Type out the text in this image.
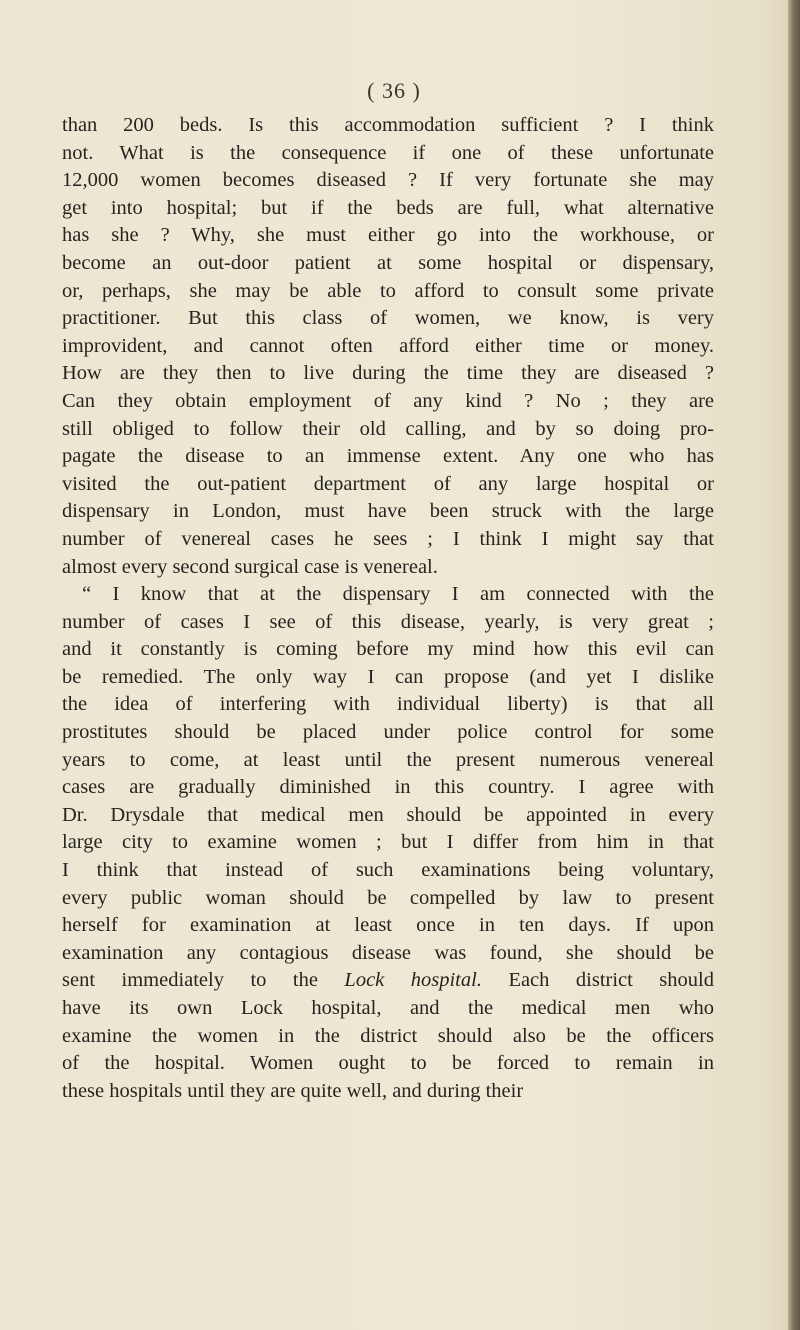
( 36 )
than 200 beds. Is this accommodation sufficient ? I think
not. What is the consequence if one of these unfortunate
12,000 women becomes diseased ? If very fortunate she may
get into hospital; but if the beds are full, what alternative
has she ? Why, she must either go into the workhouse, or
become an out-door patient at some hospital or dispensary,
or, perhaps, she may be able to afford to consult some private
practitioner. But this class of women, we know, is very
improvident, and cannot often afford either time or money.
How are they then to live during the time they are diseased ?
Can they obtain employment of any kind ? No ; they are
still obliged to follow their old calling, and by so doing pro-
pagate the disease to an immense extent. Any one who has
visited the out-patient department of any large hospital or
dispensary in London, must have been struck with the large
number of venereal cases he sees ; I think I might say that
almost every second surgical case is venereal.
“ I know that at the dispensary I am connected with the
number of cases I see of this disease, yearly, is very great ;
and it constantly is coming before my mind how this evil can
be remedied. The only way I can propose (and yet I dislike
the idea of interfering with individual liberty) is that all
prostitutes should be placed under police control for some
years to come, at least until the present numerous venereal
cases are gradually diminished in this country. I agree with
Dr. Drysdale that medical men should be appointed in every
large city to examine women ; but I differ from him in that
I think that instead of such examinations being voluntary,
every public woman should be compelled by law to present
herself for examination at least once in ten days. If upon
examination any contagious disease was found, she should be
sent immediately to the Lock hospital. Each district should
have its own Lock hospital, and the medical men who
examine the women in the district should also be the officers
of the hospital. Women ought to be forced to remain in
these hospitals until they are quite well, and during their
